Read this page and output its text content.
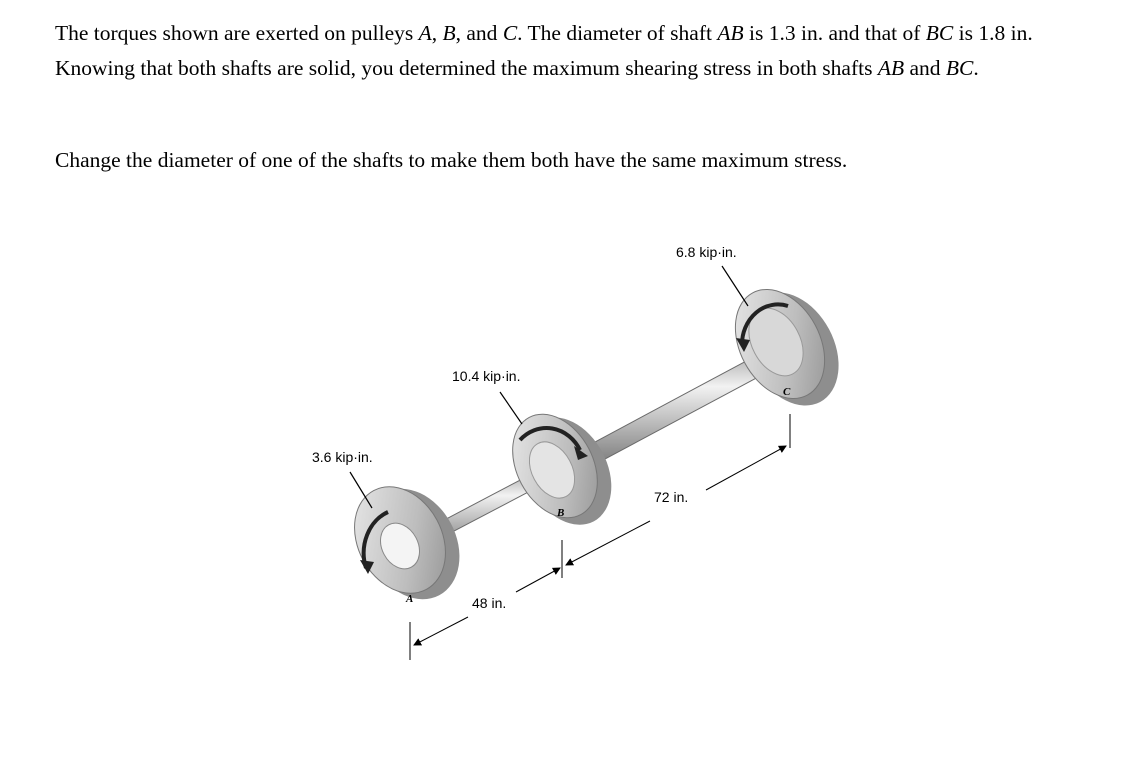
The torques shown are exerted on pulleys A, B, and C. The diameter of shaft AB is 1.3 in. and that of BC is 1.8 in. Knowing that both shafts are solid, you determined the maximum shearing stress in both shafts AB and BC.

Change the diameter of one of the shafts to make them both have the same maximum stress.

3.6 kip·in.
10.4 kip·in.
6.8 kip·in.
A
B
C
48 in.
72 in.
